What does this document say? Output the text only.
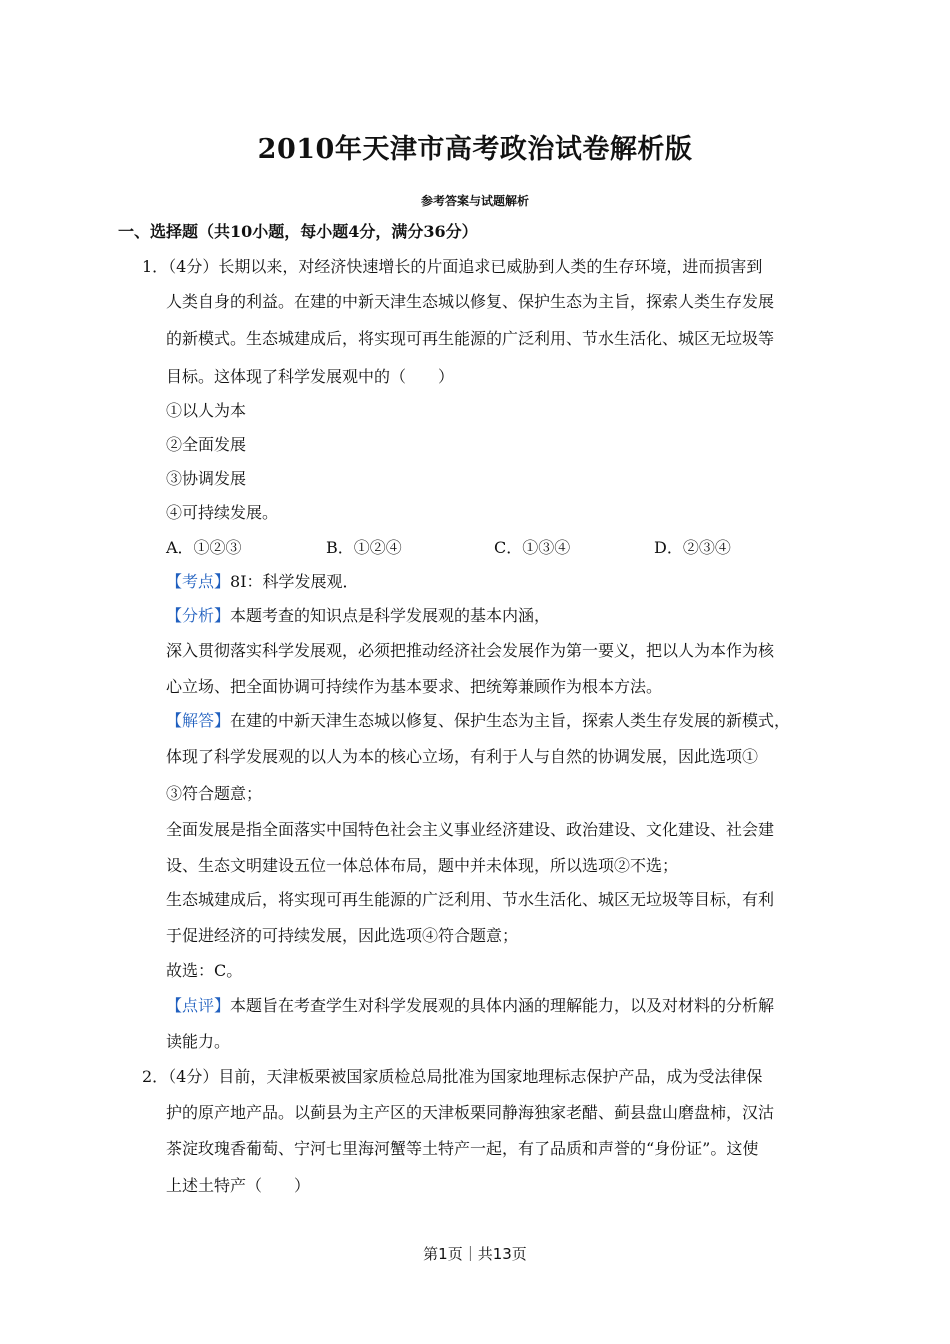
2010年天津市高考政治试卷解析版
参考答案与试题解析
一、选择题（共10小题，每小题4分，满分36分）
1．（4分）长期以来，对经济快速增长的片面追求已威胁到人类的生存环境，进而损害到
人类自身的利益。在建的中新天津生态城以修复、保护生态为主旨，探索人类生存发展
的新模式。生态城建成后，将实现可再生能源的广泛利用、节水生活化、城区无垃圾等
目标。这体现了科学发展观中的（　　）
①以人为本
②全面发展
③协调发展
④可持续发展。
A．①②③	B．①②④	C．①③④	D．②③④
【考点】8I：科学发展观．
【分析】本题考查的知识点是科学发展观的基本内涵，
深入贯彻落实科学发展观，必须把推动经济社会发展作为第一要义，把以人为本作为核
心立场、把全面协调可持续作为基本要求、把统筹兼顾作为根本方法。
【解答】在建的中新天津生态城以修复、保护生态为主旨，探索人类生存发展的新模式，
体现了科学发展观的以人为本的核心立场，有利于人与自然的协调发展，因此选项①
③符合题意；
全面发展是指全面落实中国特色社会主义事业经济建设、政治建设、文化建设、社会建
设、生态文明建设五位一体总体布局，题中并未体现，所以选项②不选；
生态城建成后，将实现可再生能源的广泛利用、节水生活化、城区无垃圾等目标，有利
于促进经济的可持续发展，因此选项④符合题意；
故选：C。
【点评】本题旨在考查学生对科学发展观的具体内涵的理解能力，以及对材料的分析解
读能力。
2．（4分）目前，天津板栗被国家质检总局批准为国家地理标志保护产品，成为受法律保
护的原产地产品。以蓟县为主产区的天津板栗同静海独家老醋、蓟县盘山磨盘柿，汉沽
茶淀玫瑰香葡萄、宁河七里海河蟹等土特产一起，有了品质和声誉的“身份证”。这使
上述土特产（　　）
第1页｜共13页
